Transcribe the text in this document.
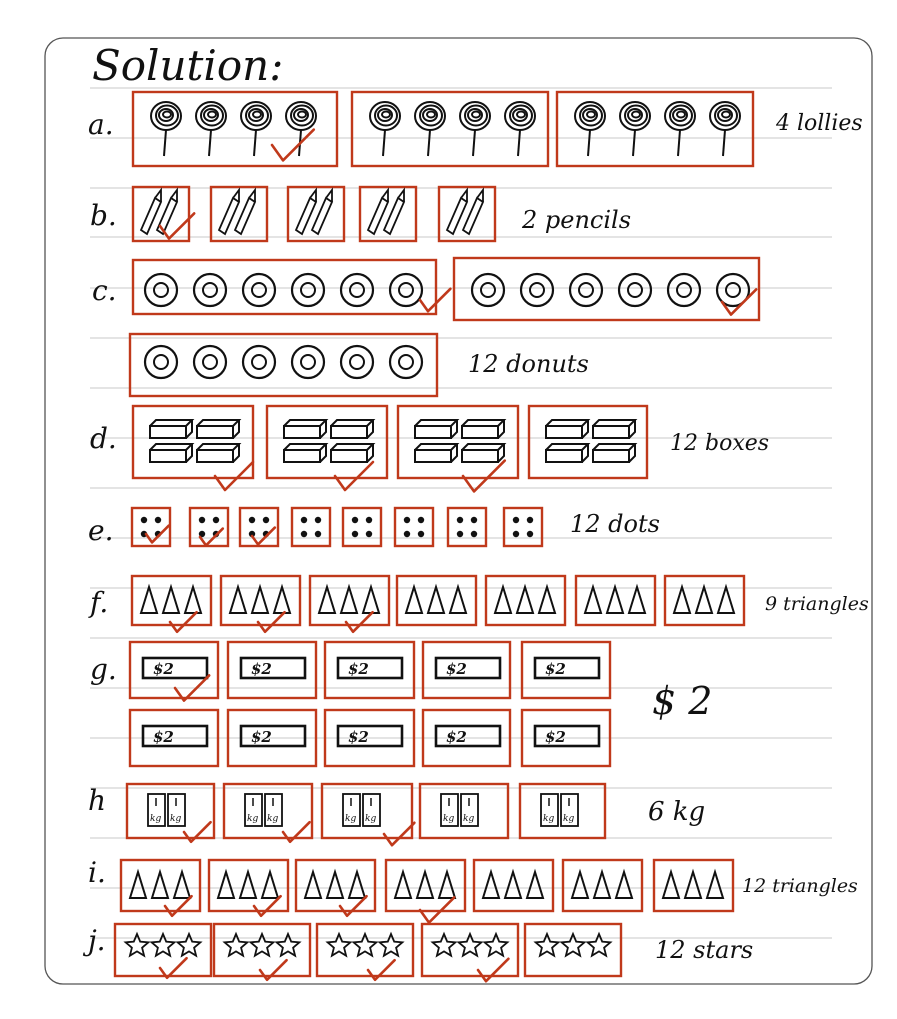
Solution:
a.	4 lollies
b.	2 pencils
c.
12 donuts
d.	12 boxes
e.	12 dots
f.	9 triangles
g. $2	$2	$2	$2	$2
$2	$2	$2	$2	$2
$ 2
h
kg kg	kg kg	kg kg	kg kg	kg kg	6 kg
i.	12 triangles
j.	12 stars
